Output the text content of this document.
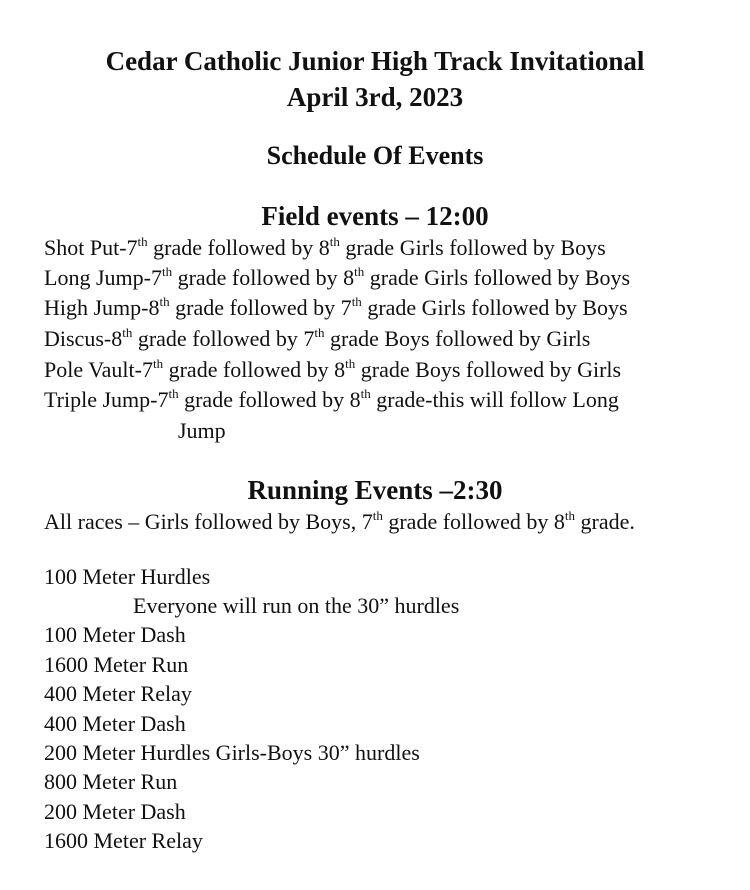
Cedar Catholic Junior High Track Invitational
April 3rd, 2023
Schedule Of Events
Field events – 12:00
Shot Put-7th grade followed by 8th grade Girls followed by Boys
Long Jump-7th grade followed by 8th grade Girls followed by Boys
High Jump-8th grade followed by 7th grade Girls followed by Boys
Discus-8th grade followed by 7th grade Boys followed by Girls
Pole Vault-7th grade followed by 8th grade Boys followed by Girls
Triple Jump-7th grade followed by 8th grade-this will follow Long
Jump
Running Events –2:30
All races – Girls followed by Boys, 7th grade followed by 8th grade.
100 Meter Hurdles
Everyone will run on the 30” hurdles
100 Meter Dash
1600 Meter Run
400 Meter Relay
400 Meter Dash
200 Meter Hurdles Girls-Boys 30” hurdles
800 Meter Run
200 Meter Dash
1600 Meter Relay
